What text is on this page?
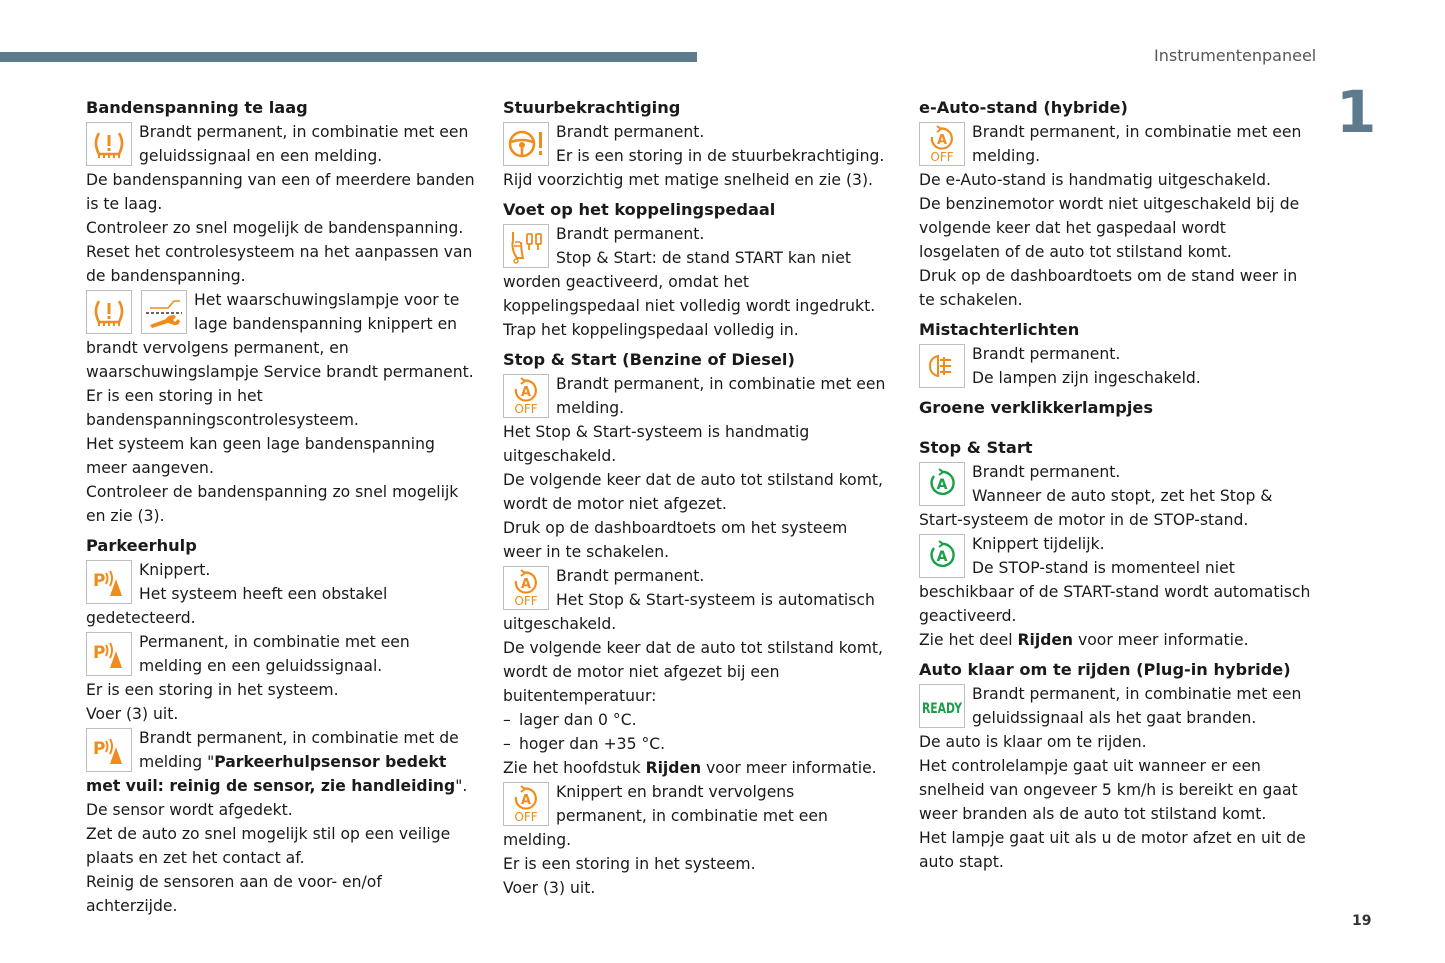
Instrumentenpaneel
1
19
Bandenspanning te laag

Brandt permanent, in combinatie met een geluidssignaal en een melding.

De bandenspanning van een of meerdere banden is te laag.

Controleer zo snel mogelijk de bandenspanning.

Reset het controlesysteem na het aanpassen van de bandenspanning.

Het waarschuwingslampje voor te lage bandenspanning knippert en brandt vervolgens permanent, en waarschuwingslampje Service brandt permanent.

Er is een storing in het bandenspanningscontrolesysteem.

Het systeem kan geen lage bandenspanning meer aangeven.

Controleer de bandenspanning zo snel mogelijk en zie (3).

Parkeerhulp
P

Knippert.

Het systeem heeft een obstakel gedetecteerd.

P

Permanent, in combinatie met een melding en een geluidssignaal.

Er is een storing in het systeem.

Voer (3) uit.

P

Brandt permanent, in combinatie met de melding "Parkeerhulpsensor bedekt met vuil: reinig de sensor, zie handleiding".

De sensor wordt afgedekt.

Zet de auto zo snel mogelijk stil op een veilige plaats en zet het contact af.

Reinig de sensoren aan de voor- en/of achterzijde.

Stuurbekrachtiging

Brandt permanent.

Er is een storing in de stuurbekrachtiging.

Rijd voorzichtig met matige snelheid en zie (3).

Voet op het koppelingspedaal

Brandt permanent.

Stop & Start: de stand START kan niet worden geactiveerd, omdat het koppelingspedaal niet volledig wordt ingedrukt.

Trap het koppelingspedaal volledig in.

Stop & Start (Benzine of Diesel)
A
OFF

Brandt permanent, in combinatie met een melding.

Het Stop & Start-systeem is handmatig uitgeschakeld.

De volgende keer dat de auto tot stilstand komt, wordt de motor niet afgezet.

Druk op de dashboardtoets om het systeem weer in te schakelen.

A
OFF

Brandt permanent.

Het Stop & Start-systeem is automatisch uitgeschakeld.

De volgende keer dat de auto tot stilstand komt, wordt de motor niet afgezet bij een buitentemperatuur:

– lager dan 0 °C.
– hoger dan +35 °C.

Zie het hoofdstuk Rijden voor meer informatie.

A
OFF

Knippert en brandt vervolgens permanent, in combinatie met een melding.

Er is een storing in het systeem.

Voer (3) uit.

e-Auto-stand (hybride)
A
OFF

Brandt permanent, in combinatie met een melding.

De e-Auto-stand is handmatig uitgeschakeld.

De benzinemotor wordt niet uitgeschakeld bij de volgende keer dat het gaspedaal wordt losgelaten of de auto tot stilstand komt.

Druk op de dashboardtoets om de stand weer in te schakelen.

Mistachterlichten

Brandt permanent.

De lampen zijn ingeschakeld.

Groene verklikkerlampjes
Stop & Start
A

Brandt permanent.

Wanneer de auto stopt, zet het Stop & Start-systeem de motor in de STOP-stand.

A

Knippert tijdelijk.

De STOP-stand is momenteel niet beschikbaar of de START-stand wordt automatisch geactiveerd.

Zie het deel Rijden voor meer informatie.

Auto klaar om te rijden (Plug-in hybride)
READY

Brandt permanent, in combinatie met een geluidssignaal als het gaat branden.

De auto is klaar om te rijden.

Het controlelampje gaat uit wanneer er een snelheid van ongeveer 5 km/h is bereikt en gaat weer branden als de auto tot stilstand komt.

Het lampje gaat uit als u de motor afzet en uit de auto stapt.
